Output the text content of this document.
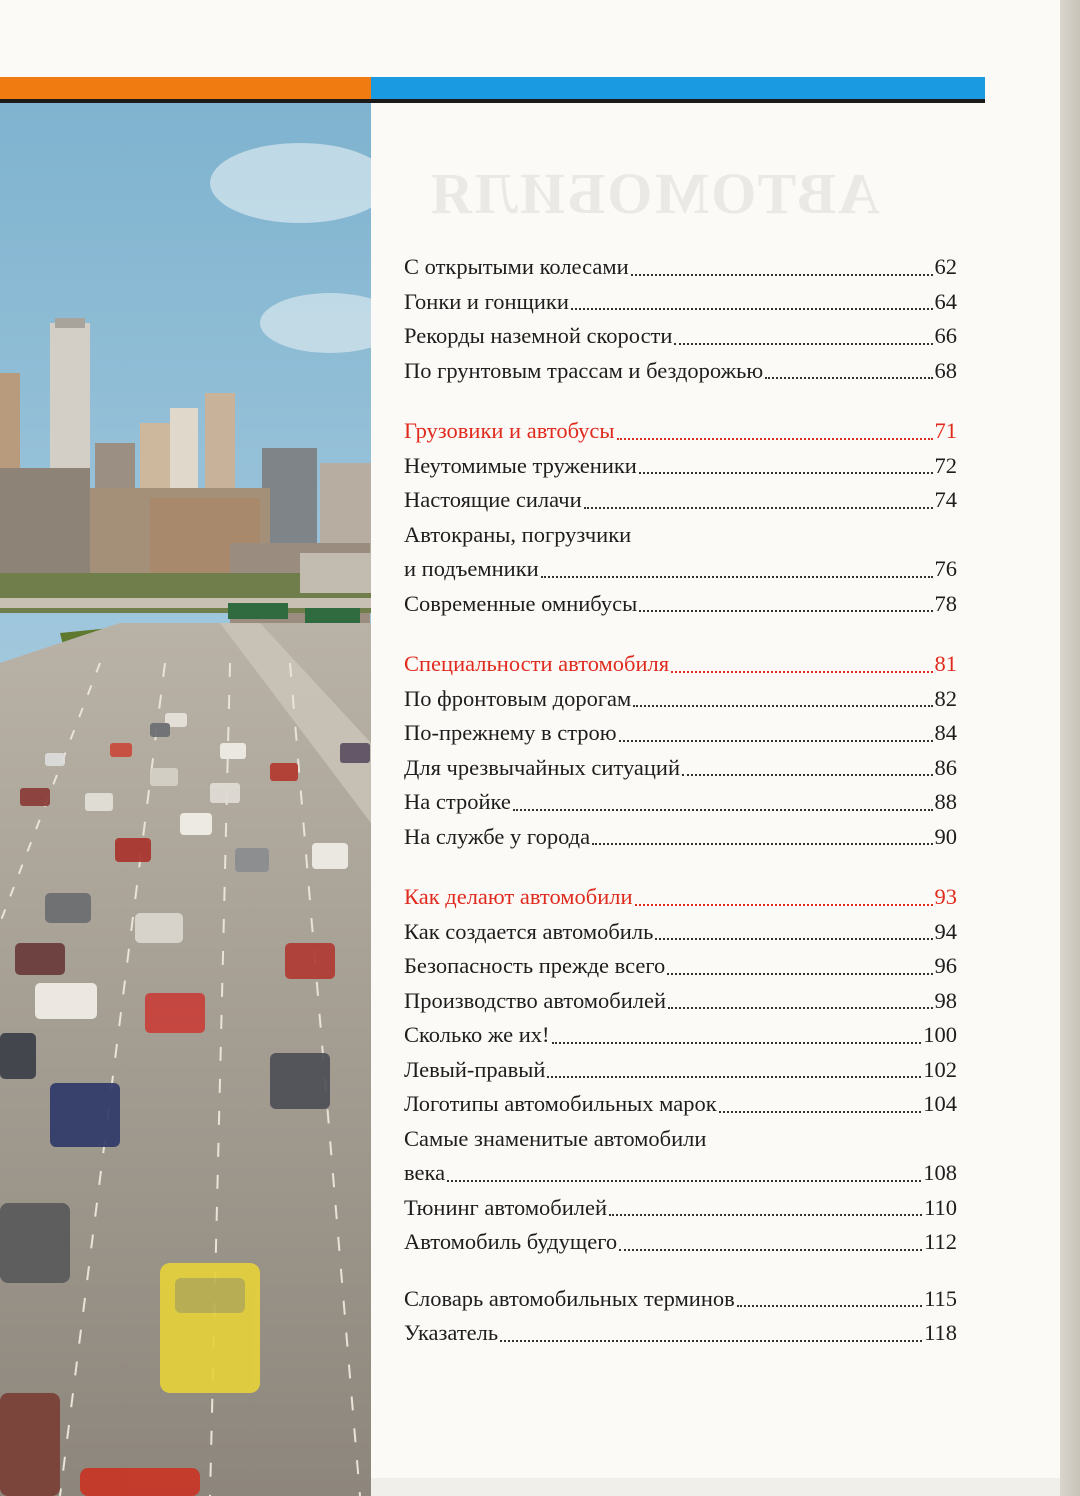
АВТОМОБИЛЯ
С открытыми колесами	62
Гонки и гонщики	64
Рекорды наземной скорости	66
По грунтовым трассам и бездорожью	68
Грузовики и автобусы	71
Неутомимые труженики	72
Настоящие силачи	74
Автокраны, погрузчики
и подъемники	76
Современные омнибусы	78
Специальности автомобиля	81
По фронтовым дорогам	82
По-прежнему в строю	84
Для чрезвычайных ситуаций	86
На стройке	88
На службе у города	90
Как делают автомобили	93
Как создается автомобиль	94
Безопасность прежде всего	96
Производство автомобилей	98
Сколько же их!	100
Левый-правый	102
Логотипы автомобильных марок	104
Самые знаменитые автомобили
века	108
Тюнинг автомобилей	110
Автомобиль будущего	112
Словарь автомобильных терминов	115
Указатель	118
